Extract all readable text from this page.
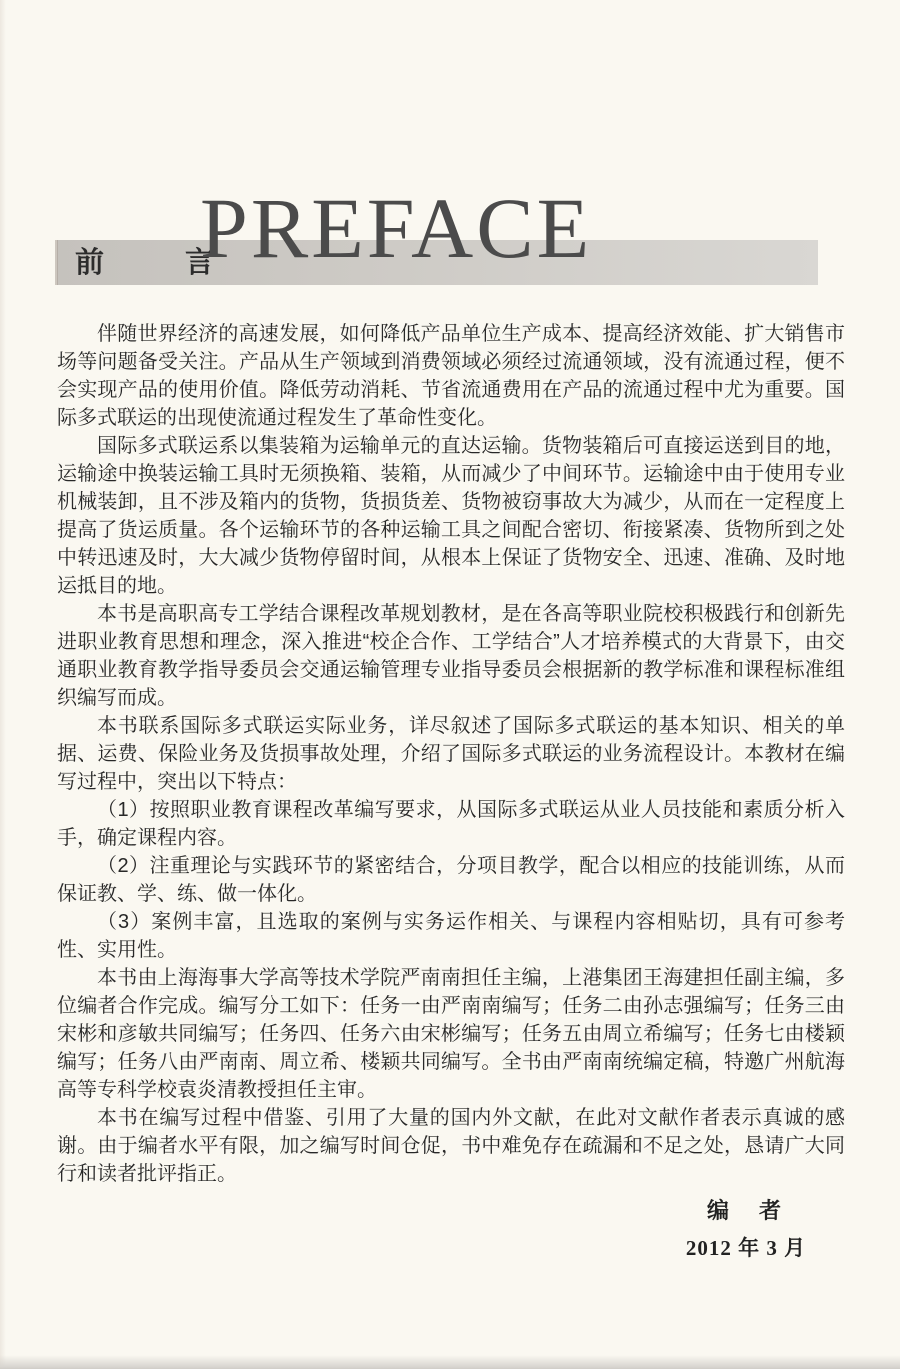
前　言
PREFACE

伴随世界经济的高速发展，如何降低产品单位生产成本、提高经济效能、扩大销售市场等问题备受关注。产品从生产领域到消费领域必须经过流通领域，没有流通过程，便不会实现产品的使用价值。降低劳动消耗、节省流通费用在产品的流通过程中尤为重要。国际多式联运的出现使流通过程发生了革命性变化。

国际多式联运系以集装箱为运输单元的直达运输。货物装箱后可直接运送到目的地，运输途中换装运输工具时无须换箱、装箱，从而减少了中间环节。运输途中由于使用专业机械装卸，且不涉及箱内的货物，货损货差、货物被窃事故大为减少，从而在一定程度上提高了货运质量。各个运输环节的各种运输工具之间配合密切、衔接紧凑、货物所到之处中转迅速及时，大大减少货物停留时间，从根本上保证了货物安全、迅速、准确、及时地运抵目的地。

本书是高职高专工学结合课程改革规划教材，是在各高等职业院校积极践行和创新先进职业教育思想和理念，深入推进“校企合作、工学结合”人才培养模式的大背景下，由交通职业教育教学指导委员会交通运输管理专业指导委员会根据新的教学标准和课程标准组织编写而成。

本书联系国际多式联运实际业务，详尽叙述了国际多式联运的基本知识、相关的单据、运费、保险业务及货损事故处理，介绍了国际多式联运的业务流程设计。本教材在编写过程中，突出以下特点：

（1）按照职业教育课程改革编写要求，从国际多式联运从业人员技能和素质分析入手，确定课程内容。

（2）注重理论与实践环节的紧密结合，分项目教学，配合以相应的技能训练，从而保证教、学、练、做一体化。

（3）案例丰富，且选取的案例与实务运作相关、与课程内容相贴切，具有可参考性、实用性。

本书由上海海事大学高等技术学院严南南担任主编，上港集团王海建担任副主编，多位编者合作完成。编写分工如下：任务一由严南南编写；任务二由孙志强编写；任务三由宋彬和彦敏共同编写；任务四、任务六由宋彬编写；任务五由周立希编写；任务七由楼颖编写；任务八由严南南、周立希、楼颖共同编写。全书由严南南统编定稿，特邀广州航海高等专科学校袁炎清教授担任主审。

本书在编写过程中借鉴、引用了大量的国内外文献，在此对文献作者表示真诚的感谢。由于编者水平有限，加之编写时间仓促，书中难免存在疏漏和不足之处，恳请广大同行和读者批评指正。

编　者
2012 年 3 月
